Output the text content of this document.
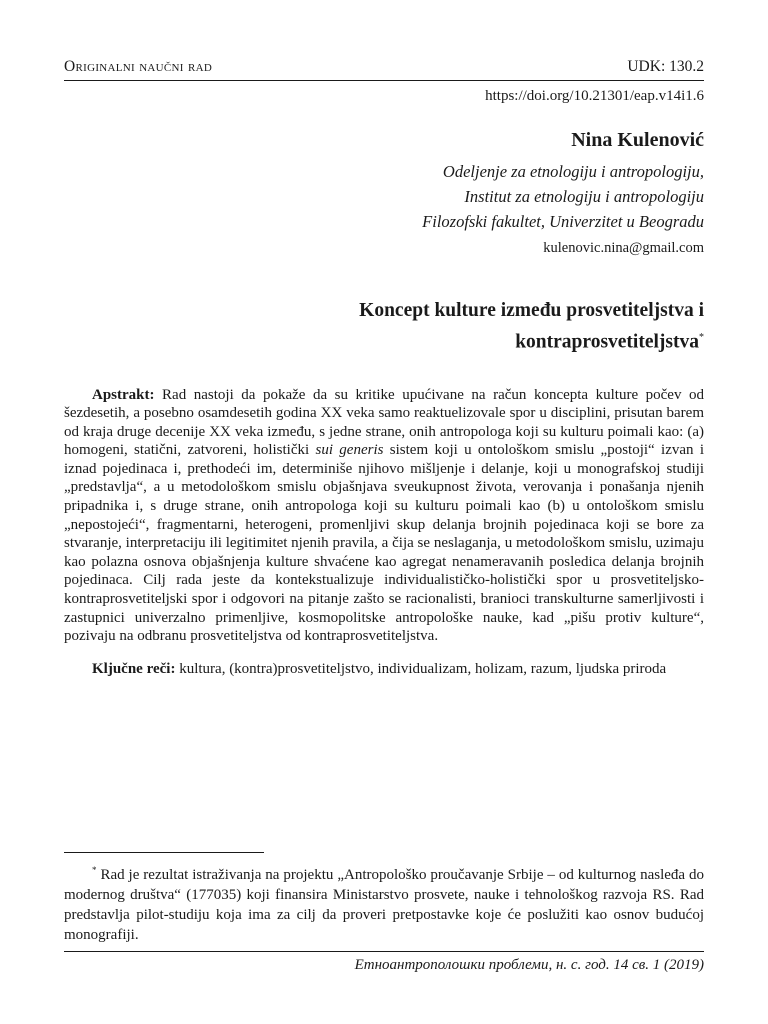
Originalni naučni rad	UDK: 130.2
https://doi.org/10.21301/eap.v14i1.6
Nina Kulenović
Odeljenje za etnologiju i antropologiju,
Institut za etnologiju i antropologiju
Filozofski fakultet, Univerzitet u Beogradu
kulenovic.nina@gmail.com
Koncept kulture između prosvetiteljstva i
kontraprosvetiteljstva*
Apstrakt: Rad nastoji da pokaže da su kritike upućivane na račun koncepta kulture počev od šezdesetih, a posebno osamdesetih godina XX veka samo reaktuelizovale spor u disciplini, prisutan barem od kraja druge decenije XX veka između, s jedne strane, onih antropologa koji su kulturu poimali kao: (a) homogeni, statični, zatvoreni, holistički sui generis sistem koji u ontološkom smislu „postoji“ izvan i iznad pojedinaca i, prethodeći im, determiniše njihovo mišljenje i delanje, koji u monografskoj studiji „predstavlja“, a u metodološkom smislu objašnjava sveukupnost života, verovanja i ponašanja njenih pripadnika i, s druge strane, onih antropologa koji su kulturu poimali kao (b) u ontološkom smislu „nepostojeći“, fragmentarni, heterogeni, promenljivi skup delanja brojnih pojedinaca koji se bore za stvaranje, interpretaciju ili legitimitet njenih pravila, a čija se neslaganja, u metodološkom smislu, uzimaju kao polazna osnova objašnjenja kulture shvaćene kao agregat nenameravanih posledica delanja brojnih pojedinaca. Cilj rada jeste da kontekstualizuje individualističko-holistički spor u prosvetiteljsko-kontraprosvetiteljski spor i odgovori na pitanje zašto se racionalisti, branioci transkulturne samerljivosti i zastupnici univerzalno primenljive, kosmopolitske antropološke nauke, kad „pišu protiv kulture“, pozivaju na odbranu prosvetiteljstva od kontraprosvetiteljstva.
Ključne reči: kultura, (kontra)prosvetiteljstvo, individualizam, holizam, razum, ljudska priroda
* Rad je rezultat istraživanja na projektu „Antropološko proučavanje Srbije – od kulturnog nasleđa do modernog društva“ (177035) koji finansira Ministarstvo prosvete, nauke i tehnološkog razvoja RS. Rad predstavlja pilot-studiju koja ima za cilj da proveri pretpostavke koje će poslužiti kao osnov budućoj monografiji.
Етноантрополошки проблеми, н. с. год. 14 св. 1 (2019)
